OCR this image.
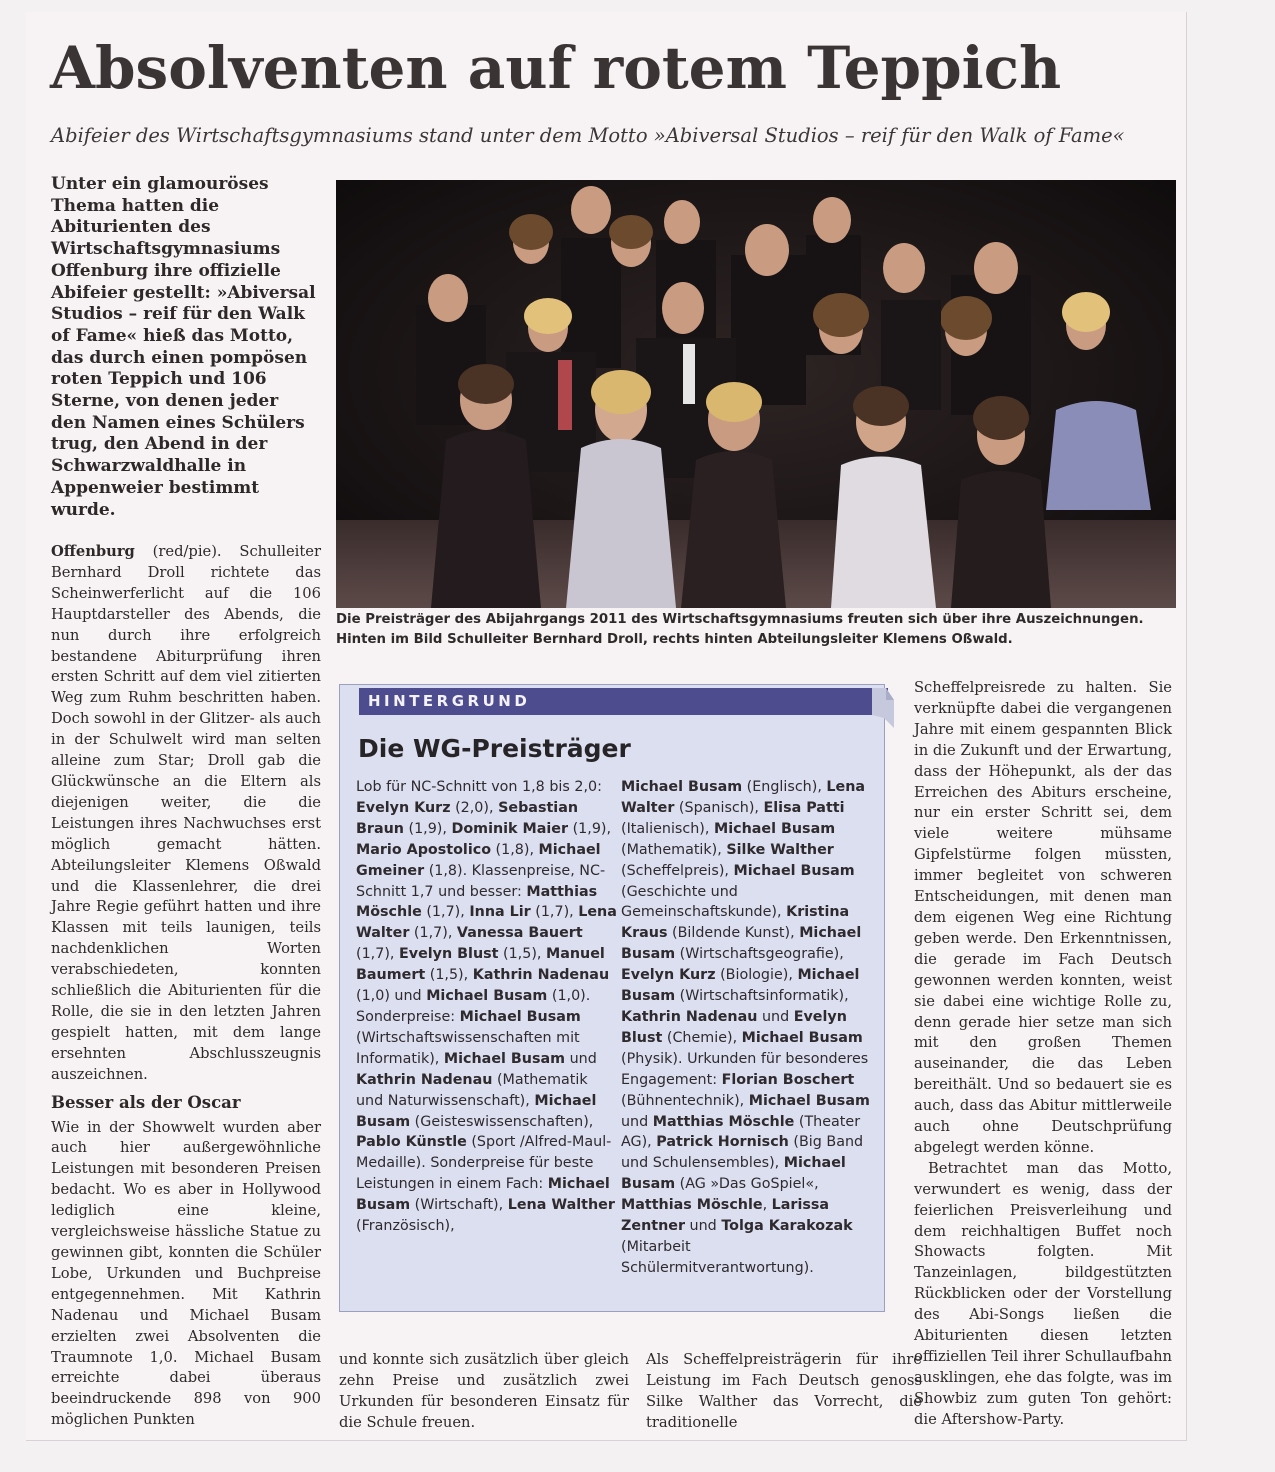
Absolventen auf rotem Teppich
Abifeier des Wirtschaftsgymnasiums stand unter dem Motto »Abiversal Studios – reif für den Walk of Fame«
Unter ein glamouröses Thema hatten die Abiturienten des Wirtschaftsgymnasiums Offenburg ihre offizielle Abifeier gestellt: »Abiversal Studios – reif für den Walk of Fame« hieß das Motto, das durch einen pompösen roten Teppich und 106 Sterne, von denen jeder den Namen eines Schülers trug, den Abend in der Schwarzwaldhalle in Appenweier bestimmt wurde.

Offenburg (red/pie). Schulleiter Bernhard Droll richtete das Scheinwerferlicht auf die 106 Hauptdarsteller des Abends, die nun durch ihre erfolgreich bestandene Abiturprüfung ihren ersten Schritt auf dem viel zitierten Weg zum Ruhm beschritten haben. Doch sowohl in der Glitzer- als auch in der Schulwelt wird man selten alleine zum Star; Droll gab die Glückwünsche an die Eltern als diejenigen weiter, die die Leistungen ihres Nachwuchses erst möglich gemacht hätten. Abteilungsleiter Klemens Oßwald und die Klassenlehrer, die drei Jahre Regie geführt hatten und ihre Klassen mit teils launigen, teils nachdenklichen Worten verabschiedeten, konnten schließlich die Abiturienten für die Rolle, die sie in den letzten Jahren gespielt hatten, mit dem lange ersehnten Abschlusszeugnis auszeichnen.

Besser als der Oscar

Wie in der Showwelt wurden aber auch hier außergewöhnliche Leistungen mit besonderen Preisen bedacht. Wo es aber in Hollywood lediglich eine kleine, vergleichsweise hässliche Statue zu gewinnen gibt, konnten die Schüler Lobe, Urkunden und Buchpreise entgegennehmen. Mit Kathrin Nadenau und Michael Busam erzielten zwei Absolventen die Traumnote 1,0. Michael Busam erreichte dabei überaus beeindruckende 898 von 900 möglichen Punkten

Die Preisträger des Abijahrgangs 2011 des Wirtschaftsgymnasiums freuten sich über ihre Auszeichnungen. Hinten im Bild Schulleiter Bernhard Droll, rechts hinten Abteilungsleiter Klemens Oßwald.
HINTERGRUND
Die WG-Preisträger
Lob für NC-Schnitt von 1,8 bis 2,0: Evelyn Kurz (2,0), Sebastian Braun (1,9), Dominik Maier (1,9), Mario Apostolico (1,8), Michael Gmeiner (1,8). Klassenpreise, NC-Schnitt 1,7 und besser: Matthias Möschle (1,7), Inna Lir (1,7), Lena Walter (1,7), Vanessa Bauert (1,7), Evelyn Blust (1,5), Manuel Baumert (1,5), Kathrin Nadenau (1,0) und Michael Busam (1,0). Sonderpreise: Michael Busam (Wirtschaftswissenschaften mit Informatik), Michael Busam und Kathrin Nadenau (Mathematik und Naturwissenschaft), Michael Busam (Geisteswissenschaften), Pablo Künstle (Sport /Alfred-Maul-Medaille). Sonderpreise für beste Leistungen in einem Fach: Michael Busam (Wirtschaft), Lena Walther (Französisch),
Michael Busam (Englisch), Lena Walter (Spanisch), Elisa Patti (Italienisch), Michael Busam (Mathematik), Silke Walther (Scheffelpreis), Michael Busam (Geschichte und Gemeinschaftskunde), Kristina Kraus (Bildende Kunst), Michael Busam (Wirtschaftsgeografie), Evelyn Kurz (Biologie), Michael Busam (Wirtschaftsinformatik), Kathrin Nadenau und Evelyn Blust (Chemie), Michael Busam (Physik). Urkunden für besonderes Engagement: Florian Boschert (Bühnentechnik), Michael Busam und Matthias Möschle (Theater AG), Patrick Hornisch (Big Band und Schulensembles), Michael Busam (AG »Das GoSpiel«, Matthias Möschle, Larissa Zentner und Tolga Karakozak (Mitarbeit Schülermitverantwortung).
und konnte sich zusätzlich über gleich zehn Preise und zusätzlich zwei Urkunden für besonderen Einsatz für die Schule freuen.
Als Scheffelpreisträgerin für ihre Leistung im Fach Deutsch genoss Silke Walther das Vorrecht, die traditionelle

Scheffelpreisrede zu halten. Sie verknüpfte dabei die vergangenen Jahre mit einem gespannten Blick in die Zukunft und der Erwartung, dass der Höhepunkt, als der das Erreichen des Abiturs erscheine, nur ein erster Schritt sei, dem viele weitere mühsame Gipfelstürme folgen müssten, immer begleitet von schweren Entscheidungen, mit denen man dem eigenen Weg eine Richtung geben werde. Den Erkenntnissen, die gerade im Fach Deutsch gewonnen werden konnten, weist sie dabei eine wichtige Rolle zu, denn gerade hier setze man sich mit den großen Themen auseinander, die das Leben bereithält. Und so bedauert sie es auch, dass das Abitur mittlerweile auch ohne Deutschprüfung abgelegt werden könne.

Betrachtet man das Motto, verwundert es wenig, dass der feierlichen Preisverleihung und dem reichhaltigen Buffet noch Showacts folgten. Mit Tanzeinlagen, bildgestützten Rückblicken oder der Vorstellung des Abi-Songs ließen die Abiturienten diesen letzten offiziellen Teil ihrer Schullaufbahn ausklingen, ehe das folgte, was im Showbiz zum guten Ton gehört: die Aftershow-Party.
